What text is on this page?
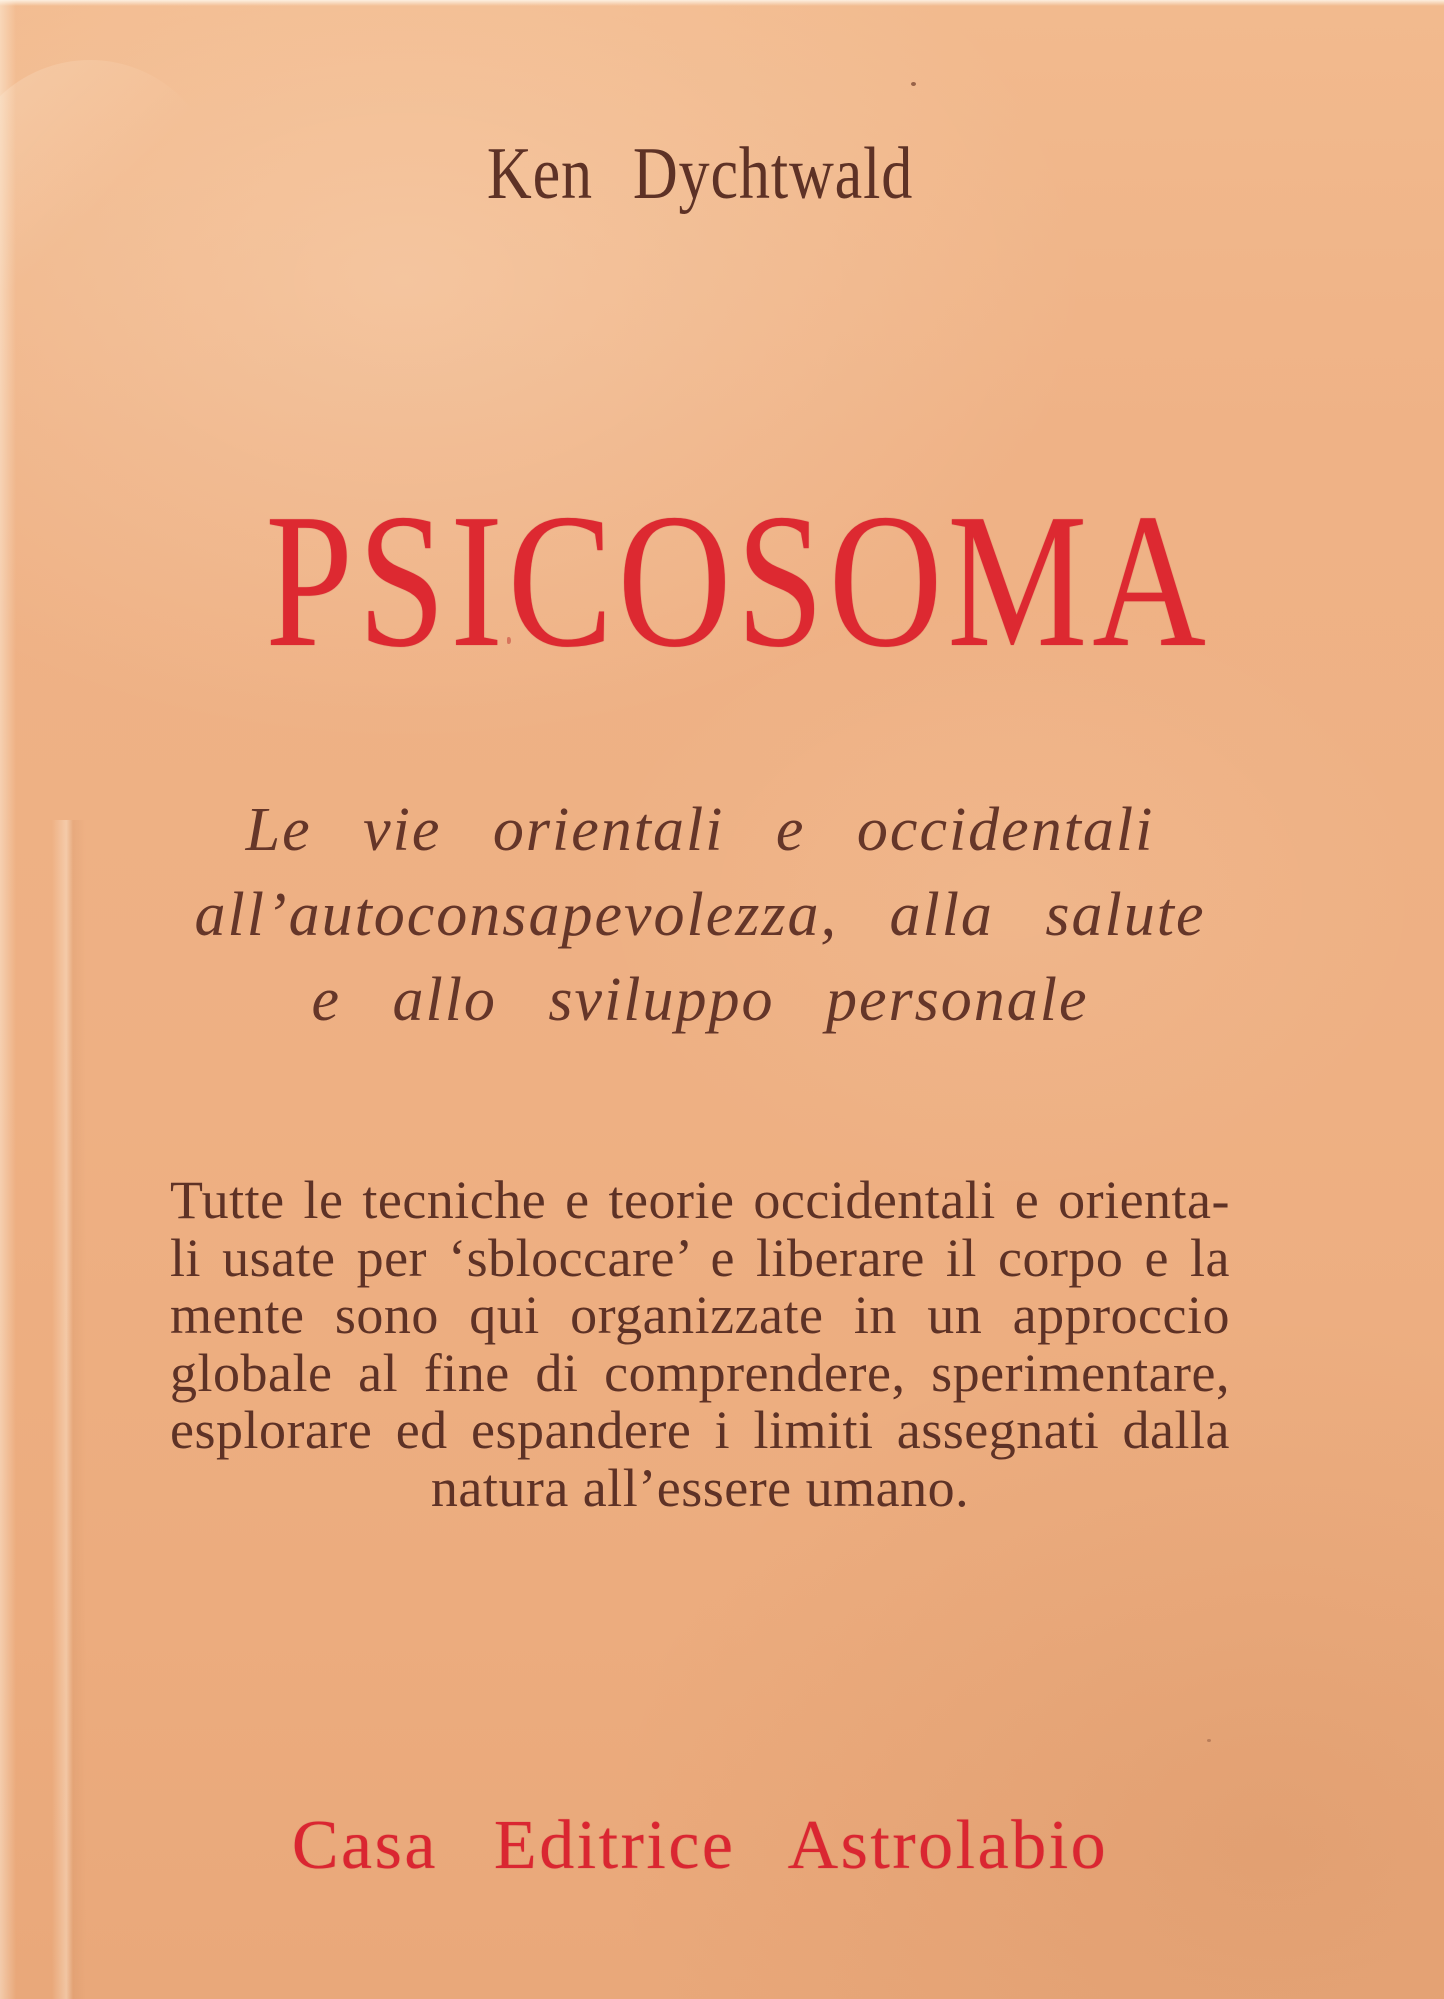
Ken Dychtwald
PSICOSOMA
Le vie orientali e occidentali
all’autoconsapevolezza, alla salute
e allo sviluppo personale
Tutte le tecniche e teorie occidentali e orienta-
li usate per ‘sbloccare’ e liberare il corpo e la
mente sono qui organizzate in un approccio
globale al fine di comprendere, sperimentare,
esplorare ed espandere i limiti assegnati dalla
natura all’essere umano.
Casa Editrice Astrolabio
